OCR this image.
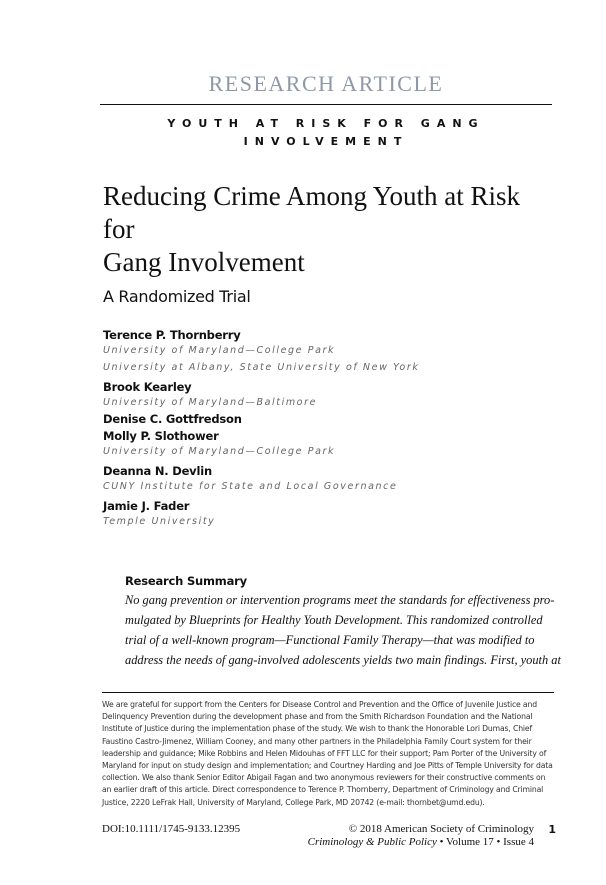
RESEARCH ARTICLE
YOUTH AT RISK FOR GANG
INVOLVEMENT
Reducing Crime Among Youth at Risk for
Gang Involvement
A Randomized Trial
Terence P. Thornberry
University of Maryland—College Park
University at Albany, State University of New York
Brook Kearley
University of Maryland—Baltimore
Denise C. Gottfredson
Molly P. Slothower
University of Maryland—College Park
Deanna N. Devlin
CUNY Institute for State and Local Governance
Jamie J. Fader
Temple University
Research Summary
No gang prevention or intervention programs meet the standards for effectiveness pro-
mulgated by Blueprints for Healthy Youth Development. This randomized controlled
trial of a well-known program—Functional Family Therapy—that was modified to
address the needs of gang-involved adolescents yields two main findings. First, youth at
We are grateful for support from the Centers for Disease Control and Prevention and the Office of Juvenile Justice and Delinquency Prevention during the development phase and from the Smith Richardson Foundation and the National Institute of Justice during the implementation phase of the study. We wish to thank the Honorable Lori Dumas, Chief Faustino Castro-Jimenez, William Cooney, and many other partners in the Philadelphia Family Court system for their leadership and guidance; Mike Robbins and Helen Midouhas of FFT LLC for their support; Pam Porter of the University of Maryland for input on study design and implementation; and Courtney Harding and Joe Pitts of Temple University for data collection. We also thank Senior Editor Abigail Fagan and two anonymous reviewers for their constructive comments on an earlier draft of this article. Direct correspondence to Terence P. Thornberry, Department of Criminology and Criminal Justice, 2220 LeFrak Hall, University of Maryland, College Park, MD 20742 (e-mail: thornbet@umd.edu).
DOI:10.1111/1745-9133.12395	© 2018 American Society of Criminology
Criminology & Public Policy • Volume 17 • Issue 4
1
